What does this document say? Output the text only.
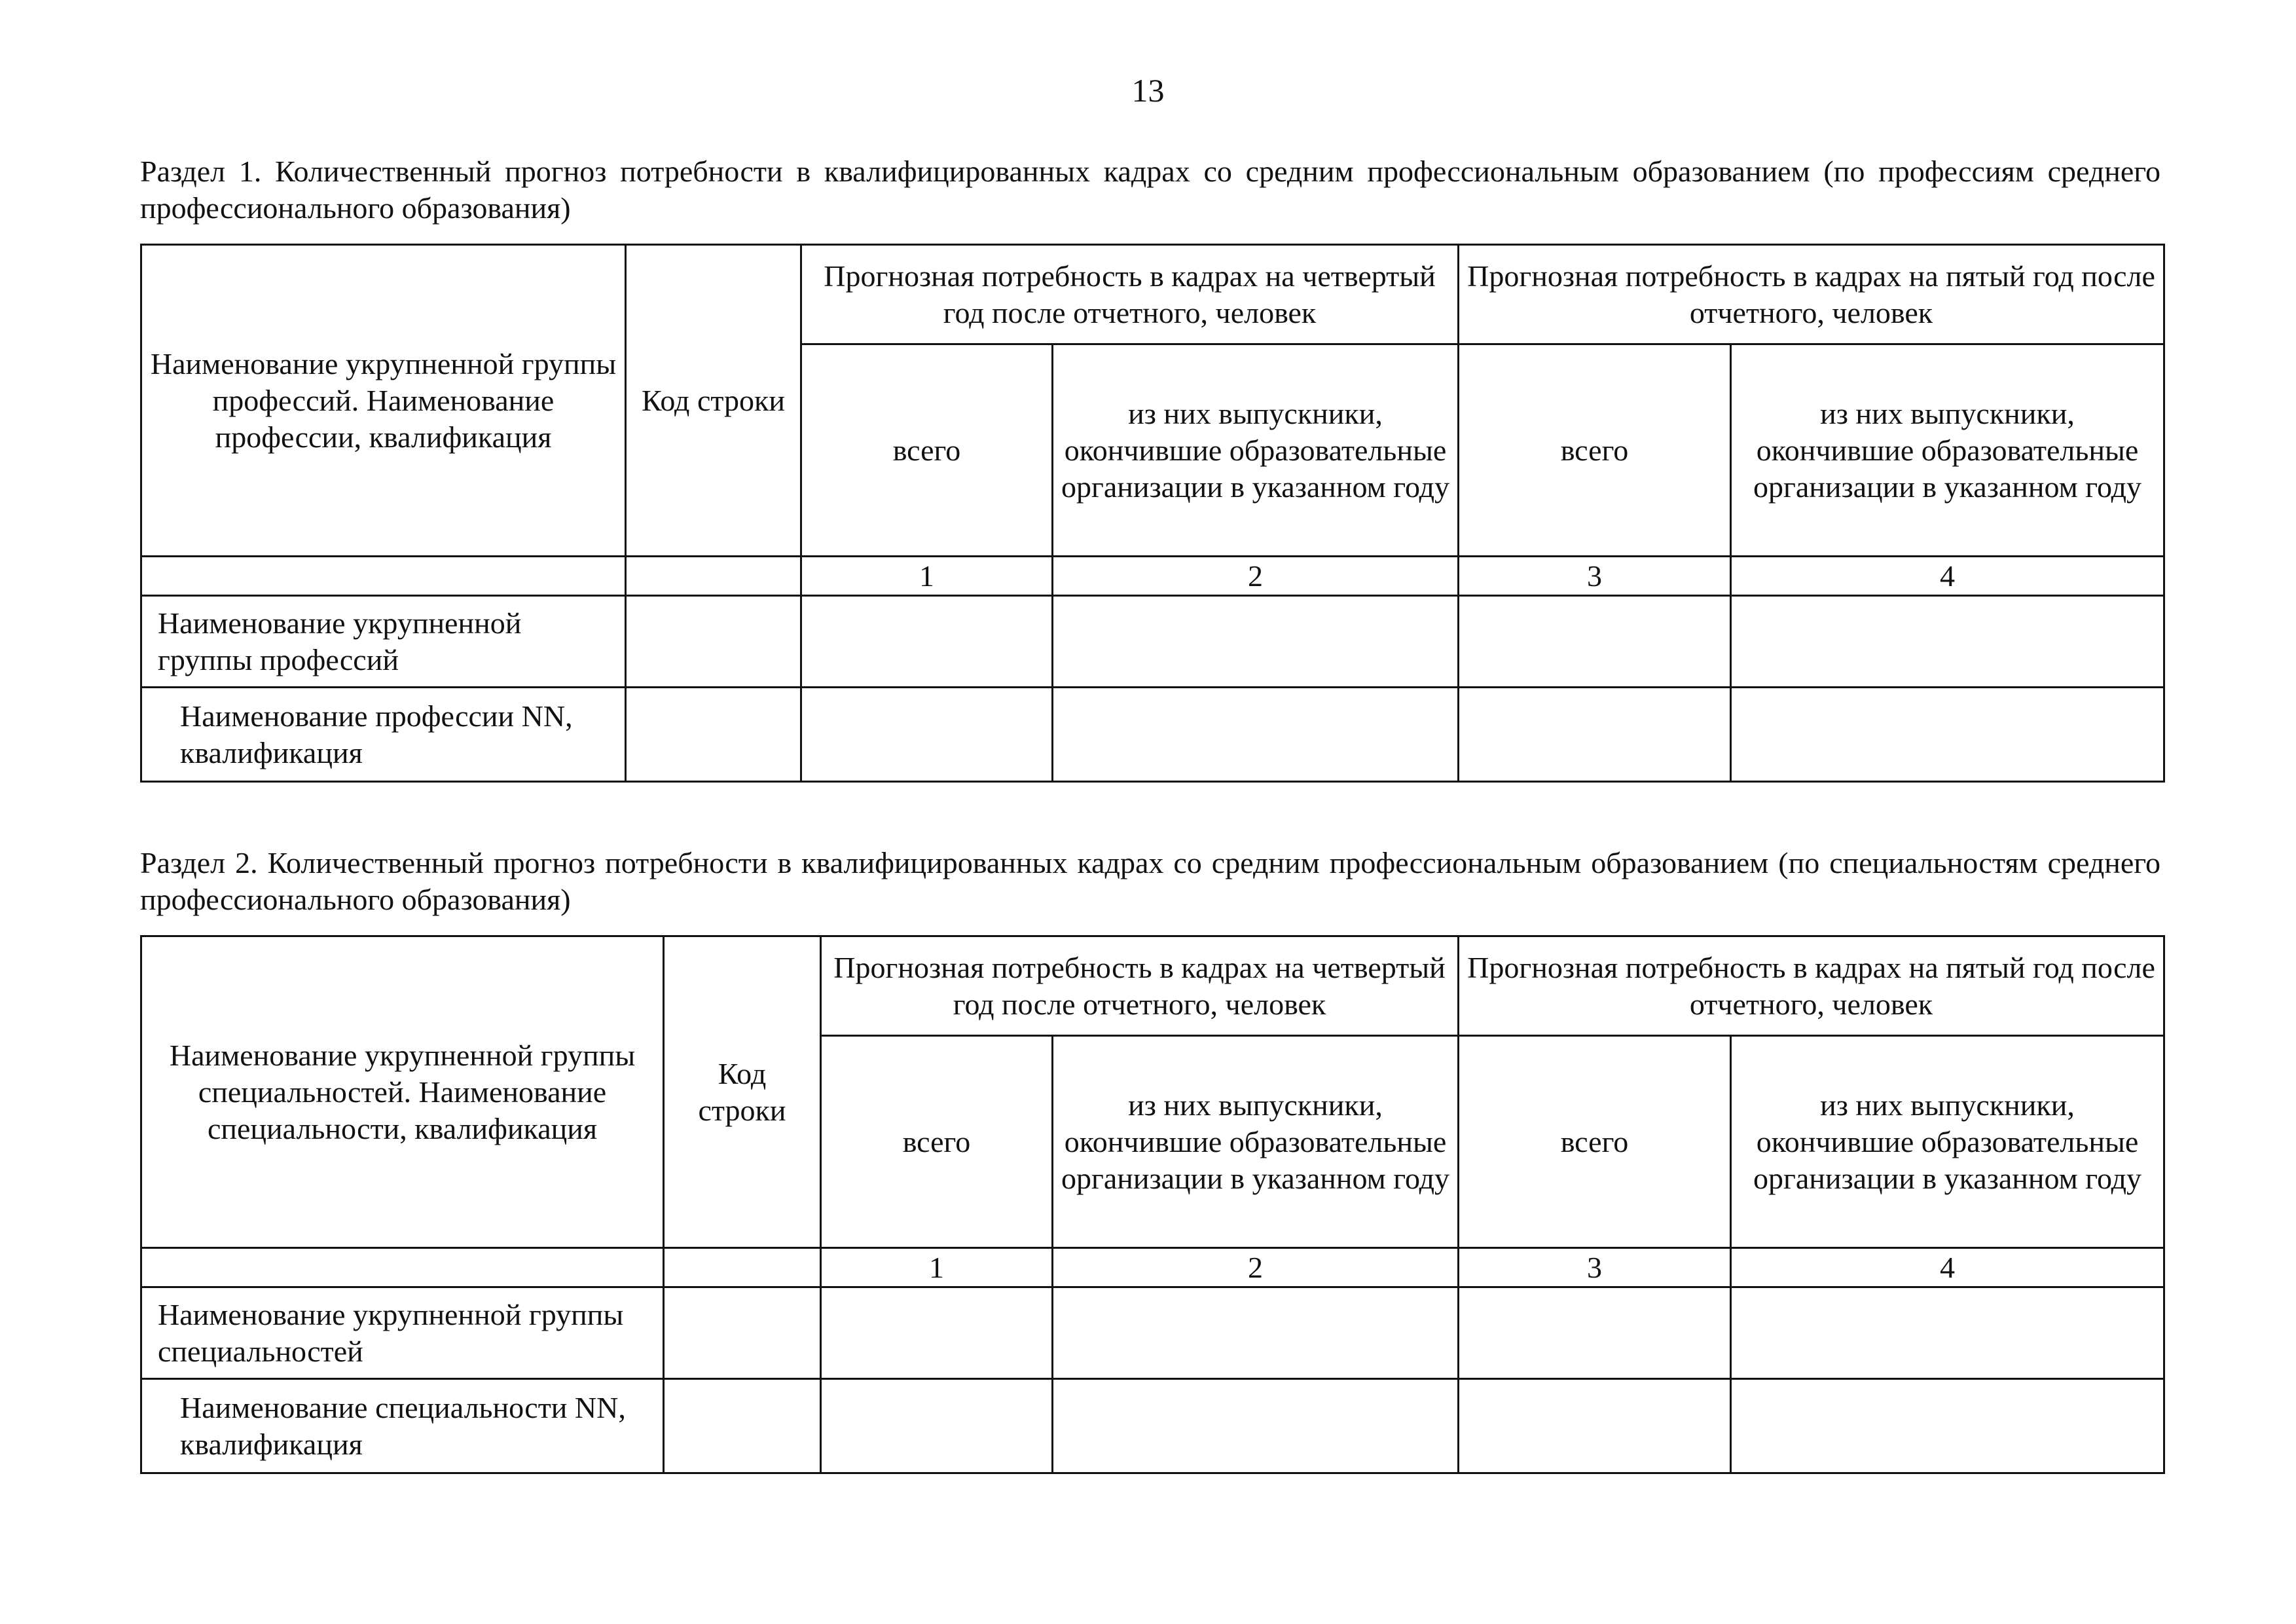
13

Раздел 1. Количественный прогноз потребности в квалифицированных кадрах со средним профессиональным образованием (по профессиям среднего профессионального образования)

Наименование укрупненной группы профессий. Наименование профессии, квалификация	Код строки	Прогнозная потребность в кадрах на четвертый год после отчетного, человек		Прогнозная потребность в кадрах на пятый год после отчетного, человек	
		всего	из них выпускники, окончившие образовательные организации в указанном году	всего	из них выпускники, окончившие образовательные организации в указанном году
		1	2	3	4
Наименование укрупненной группы профессий					
Наименование профессии NN, квалификация					

Раздел 2. Количественный прогноз потребности в квалифицированных кадрах со средним профессиональным образованием (по специальностям среднего профессионального образования)

Наименование укрупненной группы специальностей. Наименование специальности, квалификация	Код строки	Прогнозная потребность в кадрах на четвертый год после отчетного, человек		Прогнозная потребность в кадрах на пятый год после отчетного, человек	
		всего	из них выпускники, окончившие образовательные организации в указанном году	всего	из них выпускники, окончившие образовательные организации в указанном году
		1	2	3	4
Наименование укрупненной группы специальностей					
Наименование специальности NN, квалификация					
